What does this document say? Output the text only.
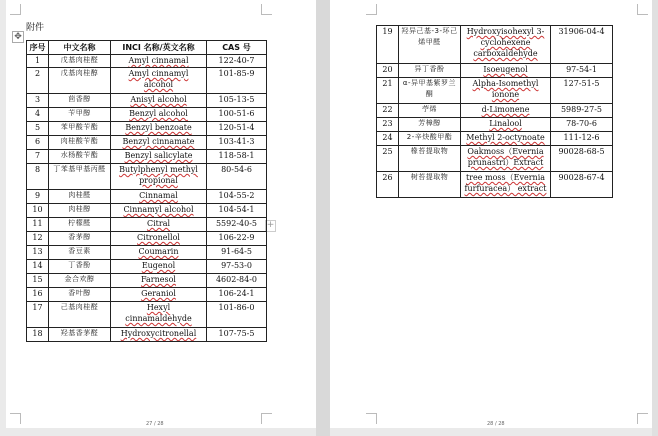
附件
✥
+
序号	中文名称	INCI 名称/英文名称	CAS 号
1	戊基肉桂醛	Amyl cinnamal	122-40-7
2	戊基肉桂醇	Amyl cinnamyl alcohol	101-85-9
3	茴香醇	Anisyl alcohol	105-13-5
4	苄甲醇	Benzyl alcohol	100-51-6
5	苯甲酸苄酯	Benzyl benzoate	120-51-4
6	肉桂酸苄酯	Benzyl cinnamate	103-41-3
7	水杨酸苄酯	Benzyl salicylate	118-58-1
8	丁苯基甲基丙醛	Butylphenyl methyl propional	80-54-6
9	肉桂醛	Cinnamal	104-55-2
10	肉桂醇	Cinnamyl alcohol	104-54-1
11	柠檬醛	Citral	5592-40-5
12	香茅醇	Citronellol	106-22-9
13	香豆素	Coumarin	91-64-5
14	丁香酚	Eugenol	97-53-0
15	金合欢醇	Farnesol	4602-84-0
16	香叶醇	Geraniol	106-24-1
17	己基肉桂醛	Hexyl cinnamaldehyde	101-86-0
18	羟基香茅醛	Hydroxycitronellal	107-75-5
19	羟异己基-3-环己烯甲醛	Hydroxyisohexyl 3-cyclohexene carboxaldehyde	31906-04-4
20	异丁香酚	Isoeugenol	97-54-1
21	α-异甲基紫罗兰酮	Alpha-Isomethyl ionone	127-51-5
22	苧烯	d-Limonene	5989-27-5
23	芳樟醇	Linalool	78-70-6
24	2-辛炔酸甲酯	Methyl 2-octynoate	111-12-6
25	橡苔提取物	Oakmoss（Evernia prunastri）Extract	90028-68-5
26	树苔提取物	tree moss（Evernia furfuracea） extract	90028-67-4
27 / 28	28 / 28
